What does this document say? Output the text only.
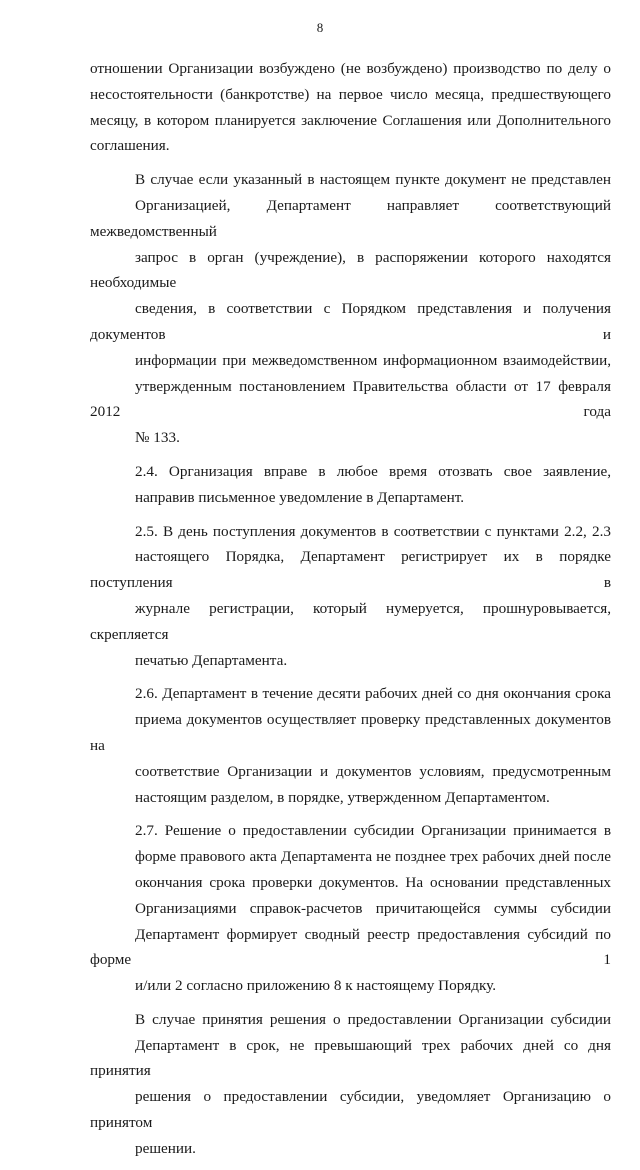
8

отношении Организации возбуждено (не возбуждено) производство по делу о
несостоятельности (банкротстве) на первое число месяца, предшествующего
месяцу, в котором планируется заключение Соглашения или Дополнительного
соглашения.

В случае если указанный в настоящем пункте документ не представлен
Организацией, Департамент направляет соответствующий межведомственный
запрос в орган (учреждение), в распоряжении которого находятся необходимые
сведения, в соответствии с Порядком представления и получения документов и
информации при межведомственном информационном взаимодействии,
утвержденным постановлением Правительства области от 17 февраля 2012 года
№ 133.

2.4. Организация вправе в любое время отозвать свое заявление,
направив письменное уведомление в Департамент.

2.5. В день поступления документов в соответствии с пунктами 2.2, 2.3
настоящего Порядка, Департамент регистрирует их в порядке поступления в
журнале регистрации, который нумеруется, прошнуровывается, скрепляется
печатью Департамента.

2.6. Департамент в течение десяти рабочих дней со дня окончания срока
приема документов осуществляет проверку представленных документов на
соответствие Организации и документов условиям, предусмотренным
настоящим разделом, в порядке, утвержденном Департаментом.

2.7. Решение о предоставлении субсидии Организации принимается в
форме правового акта Департамента не позднее трех рабочих дней после
окончания срока проверки документов. На основании представленных
Организациями справок-расчетов причитающейся суммы субсидии
Департамент формирует сводный реестр предоставления субсидий по форме 1
и/или 2 согласно приложению 8 к настоящему Порядку.

В случае принятия решения о предоставлении Организации субсидии
Департамент в срок, не превышающий трех рабочих дней со дня принятия
решения о предоставлении субсидии, уведомляет Организацию о принятом
решении.
